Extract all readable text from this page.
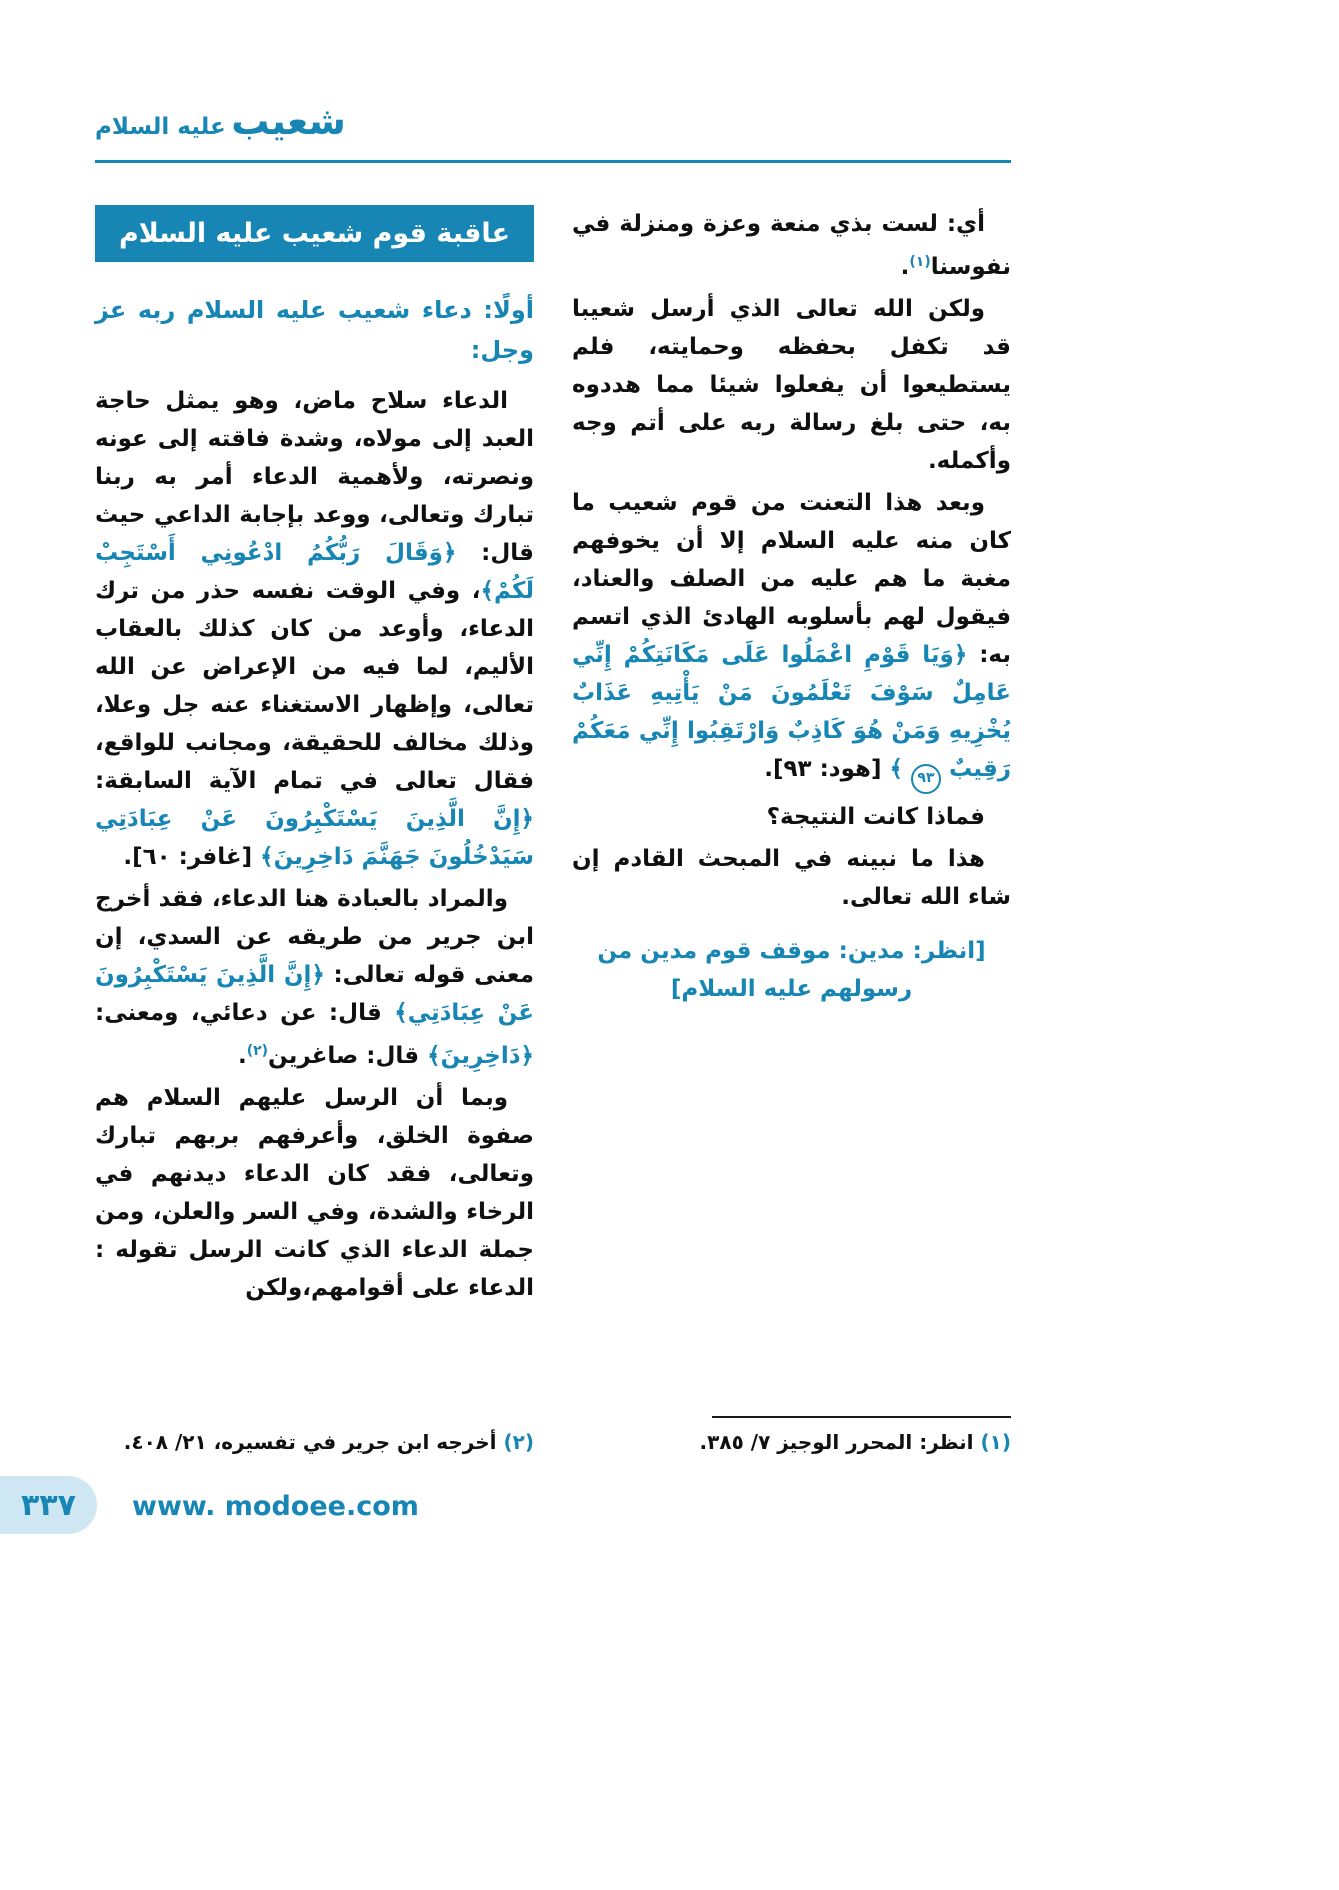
شعيب عليه السلام

أي: لست بذي منعة وعزة ومنزلة في نفوسنا$^{(١)}$.

ولكن الله تعالى الذي أرسل شعيبا قد تكفل بحفظه وحمايته، فلم يستطيعوا أن يفعلوا شيئا مما هددوه به، حتى بلغ رسالة ربه على أتم وجه وأكمله.

وبعد هذا التعنت من قوم شعيب ما كان منه عليه السلام إلا أن يخوفهم مغبة ما هم عليه من الصلف والعناد، فيقول لهم بأسلوبه الهادئ الذي اتسم به: ﴿وَيَا قَوْمِ اعْمَلُوا عَلَى مَكَانَتِكُمْ إِنِّي عَامِلٌ سَوْفَ تَعْلَمُونَ مَنْ يَأْتِيهِ عَذَابٌ يُخْزِيهِ وَمَنْ هُوَ كَاذِبٌ وَارْتَقِبُوا إِنِّي مَعَكُمْ رَقِيبٌ ٩٣ ﴾ [هود: ٩٣].

فماذا كانت النتيجة؟

هذا ما نبينه في المبحث القادم إن شاء الله تعالى.

[انظر: مدين: موقف قوم مدين من رسولهم عليه السلام]

(١) انظر: المحرر الوجيز ٧/ ٣٨٥.

عاقبة قوم شعيب عليه السلام

أولًا: دعاء شعيب عليه السلام ربه عز وجل:

الدعاء سلاح ماض، وهو يمثل حاجة العبد إلى مولاه، وشدة فاقته إلى عونه ونصرته، ولأهمية الدعاء أمر به ربنا تبارك وتعالى، ووعد بإجابة الداعي حيث قال: ﴿وَقَالَ رَبُّكُمُ ادْعُونِي أَسْتَجِبْ لَكُمْ﴾، وفي الوقت نفسه حذر من ترك الدعاء، وأوعد من كان كذلك بالعقاب الأليم، لما فيه من الإعراض عن الله تعالى، وإظهار الاستغناء عنه جل وعلا، وذلك مخالف للحقيقة، ومجانب للواقع، فقال تعالى في تمام الآية السابقة: ﴿إِنَّ الَّذِينَ يَسْتَكْبِرُونَ عَنْ عِبَادَتِي سَيَدْخُلُونَ جَهَنَّمَ دَاخِرِينَ﴾ [غافر: ٦٠].

والمراد بالعبادة هنا الدعاء، فقد أخرج ابن جرير من طريقه عن السدي، إن معنى قوله تعالى: ﴿إِنَّ الَّذِينَ يَسْتَكْبِرُونَ عَنْ عِبَادَتِي﴾ قال: عن دعائي، ومعنى: ﴿دَاخِرِينَ﴾ قال: صاغرين$^{(٢)}$.

وبما أن الرسل عليهم السلام هم صفوة الخلق، وأعرفهم بربهم تبارك وتعالى، فقد كان الدعاء ديدنهم في الرخاء والشدة، وفي السر والعلن، ومن جملة الدعاء الذي كانت الرسل تقوله : الدعاء على أقوامهم،ولكن

(٢) أخرجه ابن جرير في تفسيره، ٢١/ ٤٠٨.

٣٣٧ www. modoee.com
